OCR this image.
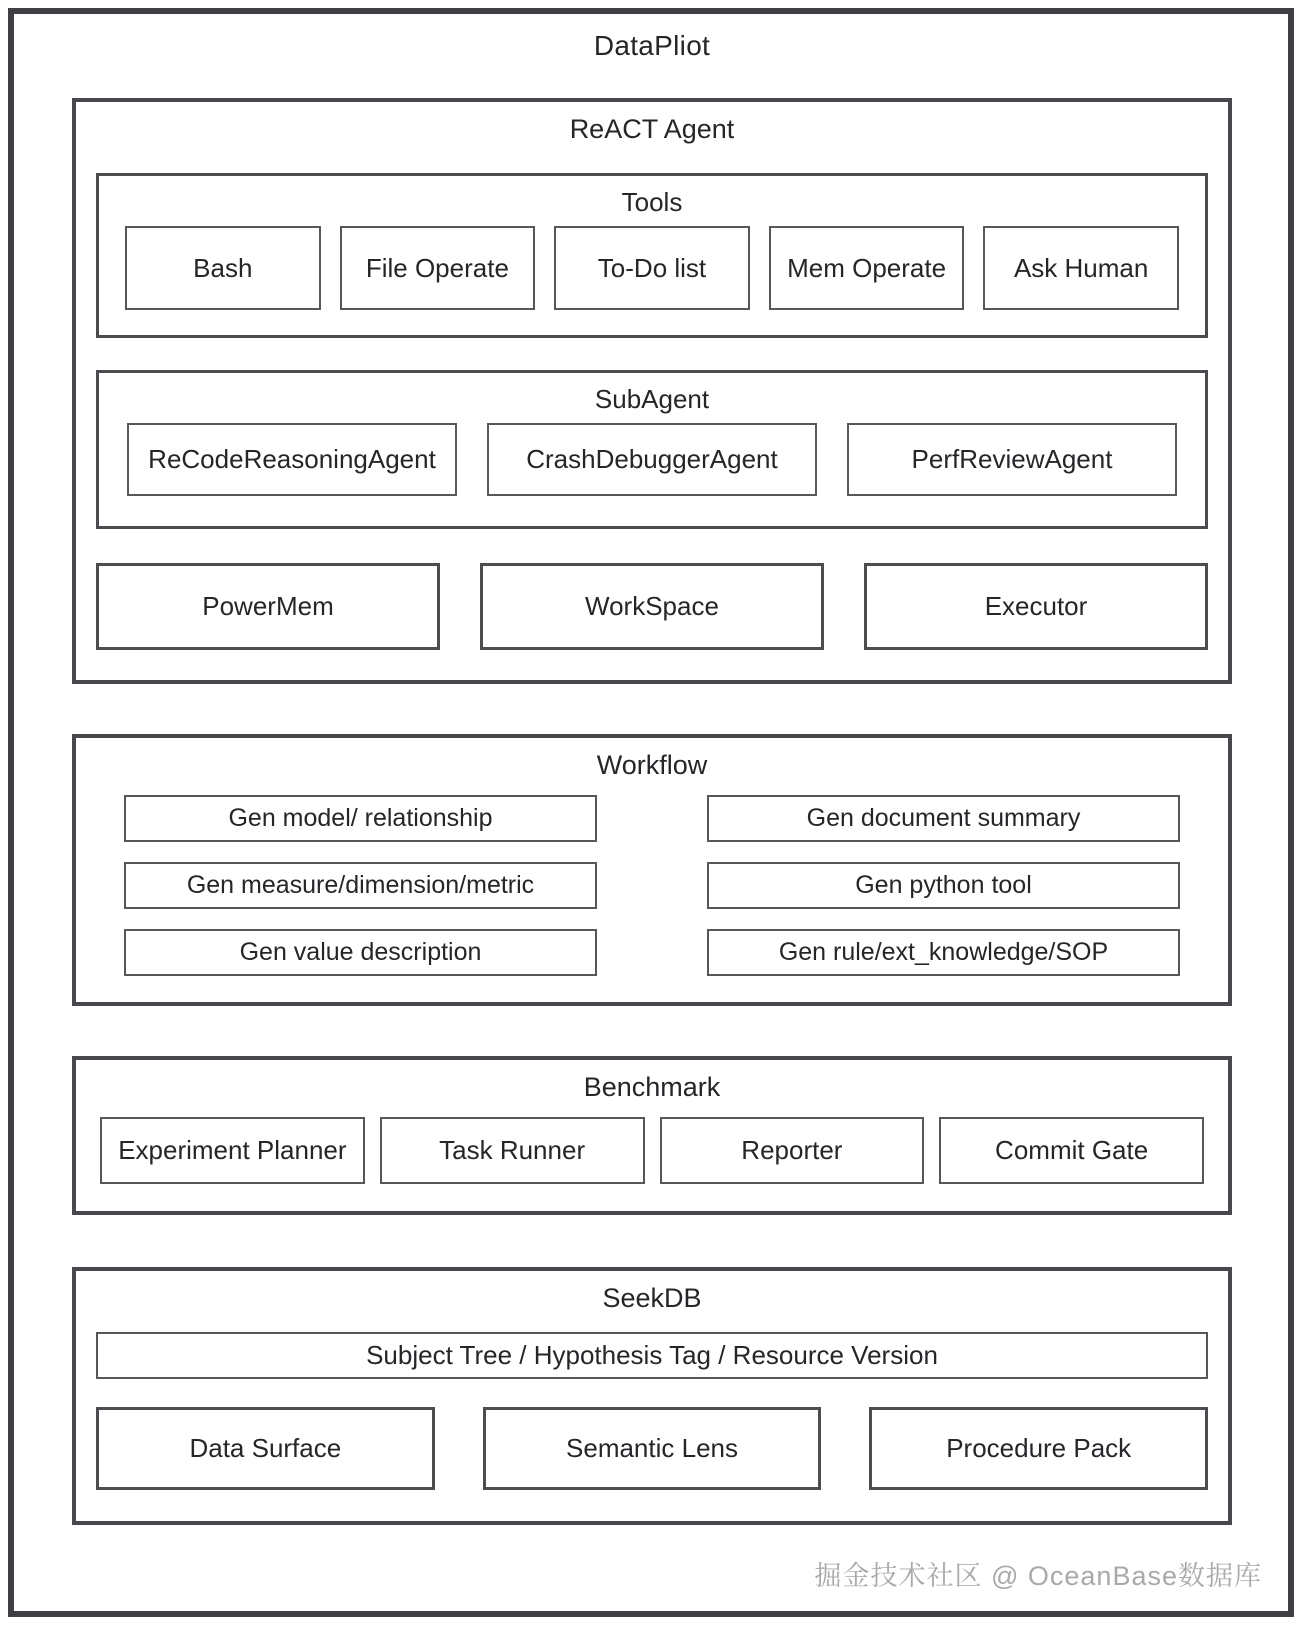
DataPliot
ReACT Agent
Tools
Bash	File Operate	To-Do list	Mem Operate	Ask Human
SubAgent
ReCodeReasoningAgent	CrashDebuggerAgent	PerfReviewAgent
PowerMem	WorkSpace	Executor
Workflow
Gen model/ relationship	Gen document summary
Gen measure/dimension/metric	Gen python tool
Gen value description	Gen rule/ext_knowledge/SOP
Benchmark
Experiment Planner	Task Runner	Reporter	Commit Gate
SeekDB
Subject Tree / Hypothesis Tag / Resource Version
Data Surface	Semantic Lens	Procedure Pack
掘金技术社区 @ OceanBase数据库
